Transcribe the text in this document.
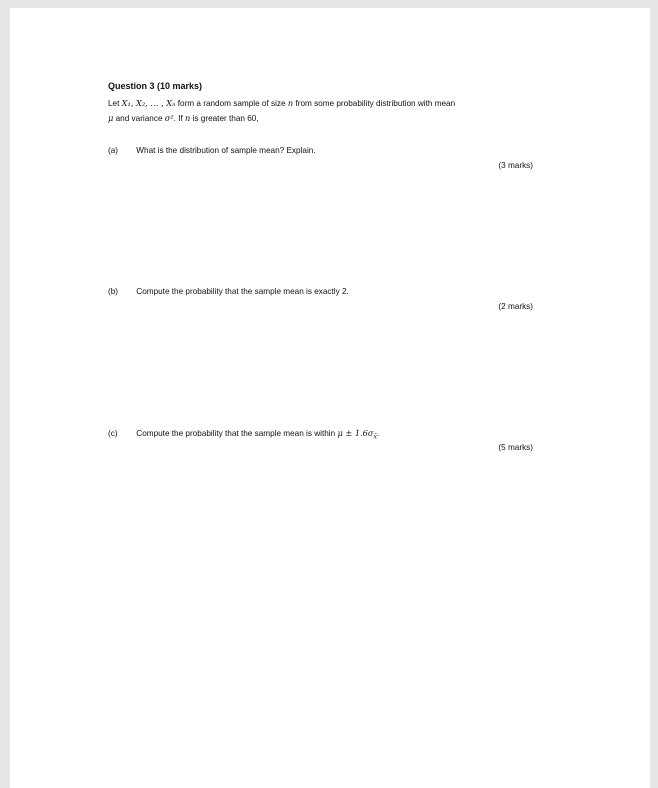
Question 3 (10 marks)
Let X₁, X₂, … , Xₙ form a random sample of size n from some probability distribution with mean
μ and variance σ². If n is greater than 60,
(a) What is the distribution of sample mean? Explain.
(3 marks)
(b) Compute the probability that the sample mean is exactly 2.
(2 marks)
(c) Compute the probability that the sample mean is within $\mu \pm 1.6\sigma_{x̄}$.
(5 marks)
